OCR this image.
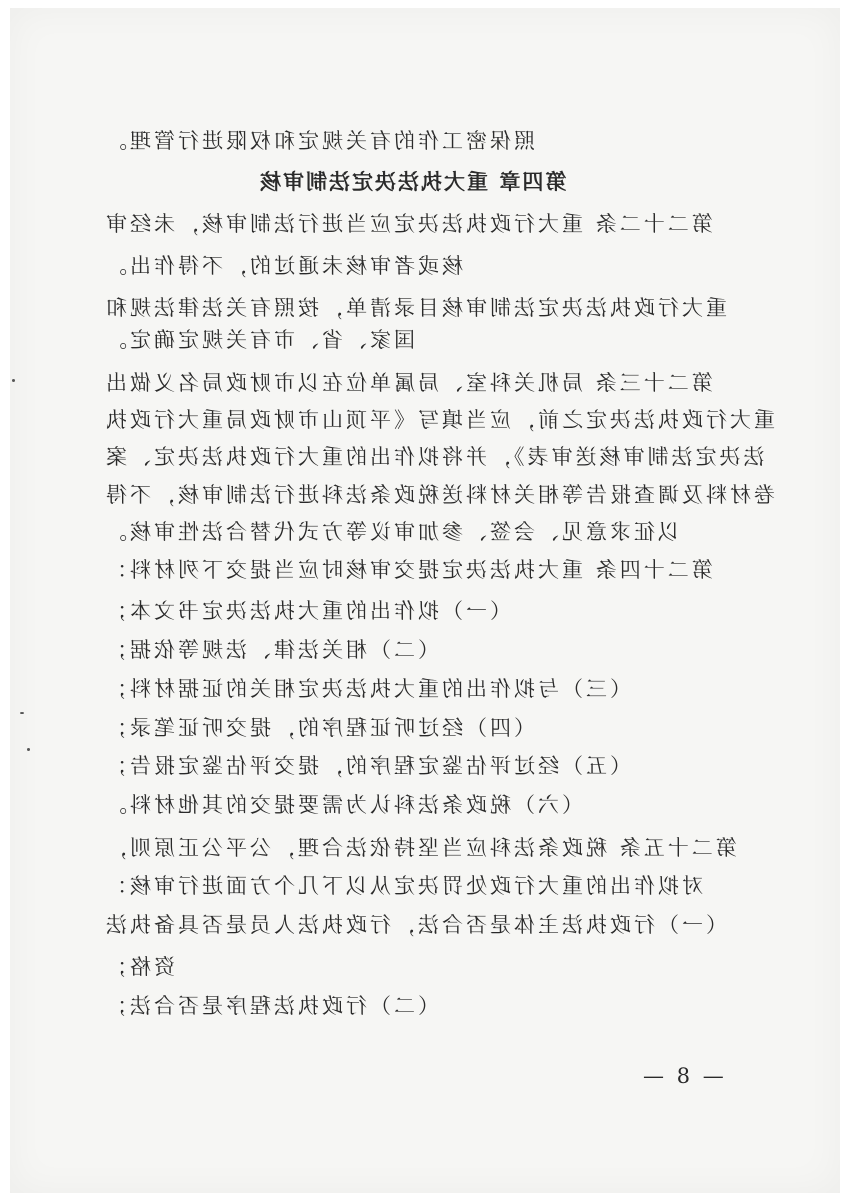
照保密工作的有关规定和权限进行管理。
第四章 重大执法决定法制审核
第二十二条 重大行政执法决定应当进行法制审核，未经审
核或者审核未通过的，不得作出。
重大行政执法决定法制审核目录清单，按照有关法律法规和
国家、省、市有关规定确定。
第二十三条 局机关科室、局属单位在以市财政局名义做出
重大行政执法决定之前，应当填写《平顶山市财政局重大行政执
法决定法制审核送审表》，并将拟作出的重大行政执法决定、案
卷材料及调查报告等相关材料送税政条法科进行法制审核，不得
以征求意见、会签、参加审议等方式代替合法性审核。
第二十四条 重大执法决定提交审核时应当提交下列材料：
（一）拟作出的重大执法决定书文本；
（二）相关法律、法规等依据；
（三）与拟作出的重大执法决定相关的证据材料；
（四）经过听证程序的，提交听证笔录；
（五）经过评估鉴定程序的，提交评估鉴定报告；
（六）税政条法科认为需要提交的其他材料。
第二十五条 税政条法科应当坚持依法合理，公平公正原则，
对拟作出的重大行政处罚决定从以下几个方面进行审核：
（一）行政执法主体是否合法，行政执法人员是否具备执法
资格；
（二）行政执法程序是否合法；
— 8 —
